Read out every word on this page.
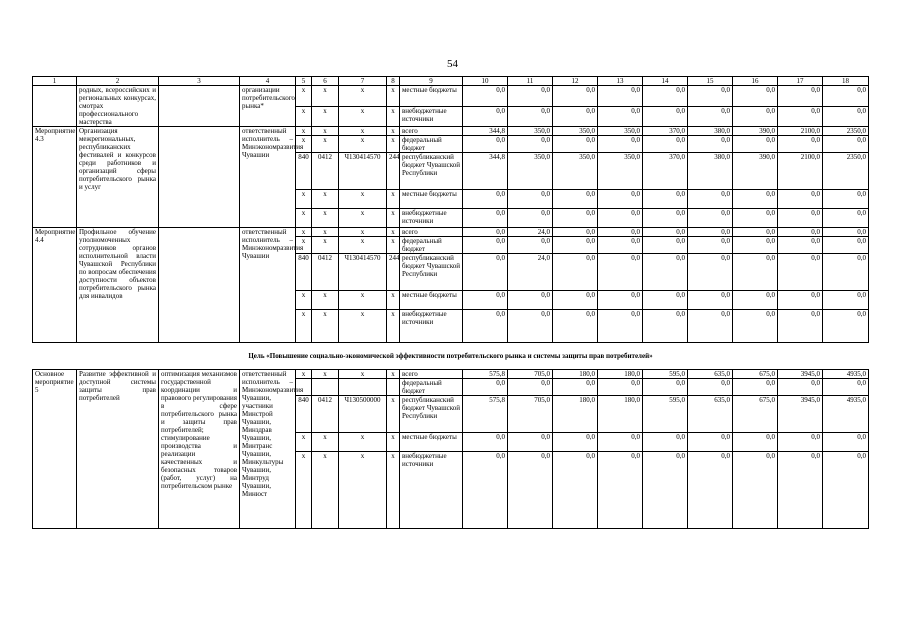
54
1	2	3	4	5	6	7	8	9	10	11	12	13	14	15	16	17	18
	родных, всероссийских и региональных конкурсах, смотрах профессионального мастерства		организации потребительского рынка*	x	x	x	x	местные бюджеты	0,0	0,0	0,0	0,0	0,0	0,0	0,0	0,0	0,0
				x	x	x	x	внебюджетные источники	0,0	0,0	0,0	0,0	0,0	0,0	0,0	0,0	0,0
Мероприятие 4.3	Организация межрегиональных, республиканских фестивалей и конкурсов среди работников и организаций сферы потребительского рынка и услуг		ответственный исполнитель – Минэкономразвития Чувашии	x	x	x	x	всего	344,8	350,0	350,0	350,0	370,0	380,0	390,0	2100,0	2350,0
				x	x	x	x	федеральный бюджет	0,0	0,0	0,0	0,0	0,0	0,0	0,0	0,0	0,0
				840	0412	Ч130414570	244	республиканский бюджет Чувашской Республики	344,8	350,0	350,0	350,0	370,0	380,0	390,0	2100,0	2350,0
				x	x	x	x	местные бюджеты	0,0	0,0	0,0	0,0	0,0	0,0	0,0	0,0	0,0
				x	x	x	x	внебюджетные источники	0,0	0,0	0,0	0,0	0,0	0,0	0,0	0,0	0,0
Мероприятие 4.4	Профильное обучение уполномоченных сотрудников органов исполнительной власти Чувашской Республики по вопросам обеспечения доступности объектов потребительского рынка для инвалидов		ответственный исполнитель – Минэкономразвития Чувашии	x	x	x	x	всего	0,0	24,0	0,0	0,0	0,0	0,0	0,0	0,0	0,0
				x	x	x	x	федеральный бюджет	0,0	0,0	0,0	0,0	0,0	0,0	0,0	0,0	0,0
				840	0412	Ч130414570	244	республиканский бюджет Чувашской Республики	0,0	24,0	0,0	0,0	0,0	0,0	0,0	0,0	0,0
				x	x	x	x	местные бюджеты	0,0	0,0	0,0	0,0	0,0	0,0	0,0	0,0	0,0
				x	x	x	x	внебюджетные источники	0,0	0,0	0,0	0,0	0,0	0,0	0,0	0,0	0,0
Цель «Повышение социально-экономической эффективности потребительского рынка и системы защиты прав потребителей»																	
Основное мероприятие 5	Развитие эффективной и доступной системы защиты прав потребителей	оптимизация механизмов государственной координации и правового регулирования в сфере потребительского рынка и защиты прав потребителей; стимулирование производства и реализации качественных и безопасных товаров (работ, услуг) на потребительском рынке	ответственный исполнитель – Минэкономразвития Чувашии, участники Минстрой Чувашии, Минздрав Чувашии, Минтранс Чувашии, Минкультуры Чувашии, Минтруд Чувашии, Минюст	x	x	x	x	всего	575,8	705,0	180,0	180,0	595,0	635,0	675,0	3945,0	4935,0
								федеральный бюджет	0,0	0,0	0,0	0,0	0,0	0,0	0,0	0,0	0,0
				840	0412	Ч130500000	x	республиканский бюджет Чувашской Республики	575,8	705,0	180,0	180,0	595,0	635,0	675,0	3945,0	4935,0
				x	x	x	x	местные бюджеты	0,0	0,0	0,0	0,0	0,0	0,0	0,0	0,0	0,0
				x	x	x	x	внебюджетные источники	0,0	0,0	0,0	0,0	0,0	0,0	0,0	0,0	0,0
